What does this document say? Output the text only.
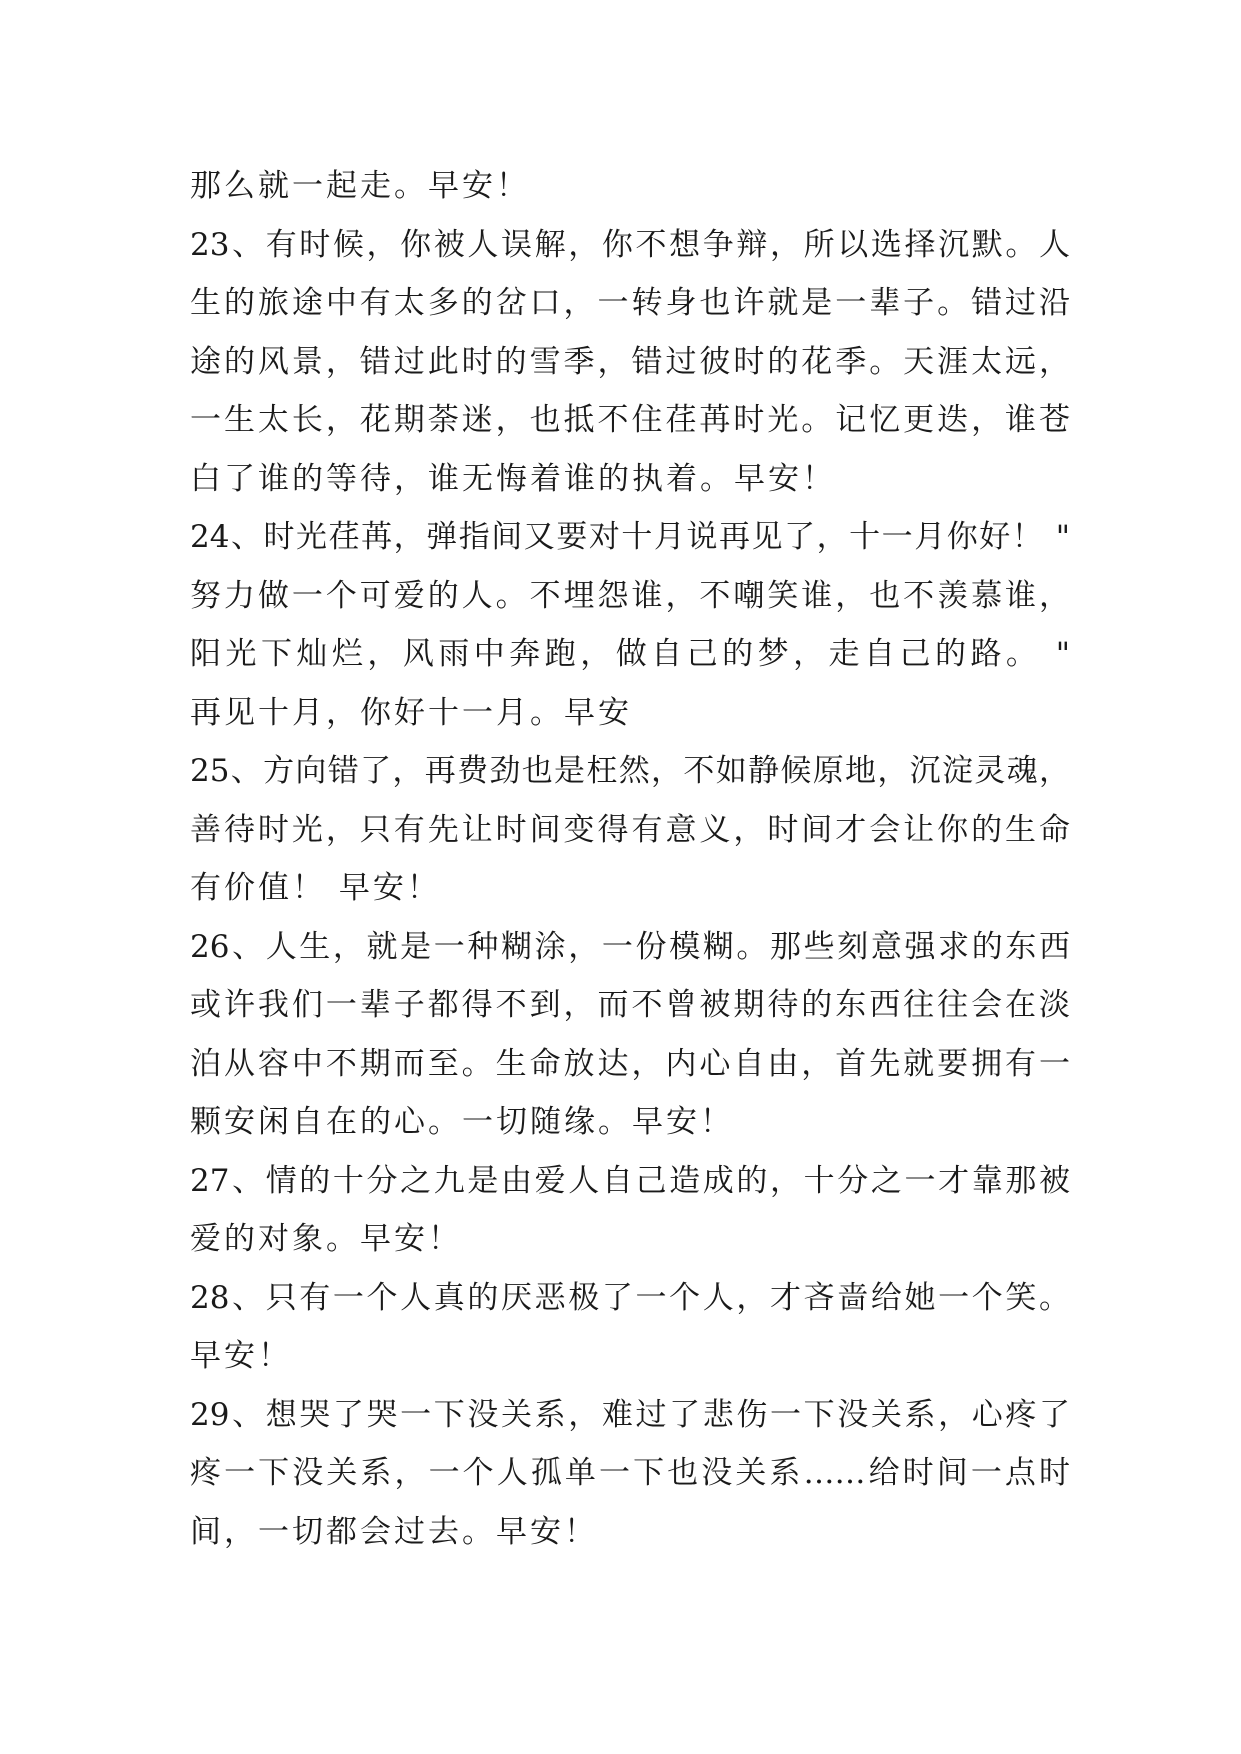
那么就一起走。早安！
23、有时候，你被人误解，你不想争辩，所以选择沉默。人
生的旅途中有太多的岔口，一转身也许就是一辈子。错过沿
途的风景，错过此时的雪季，错过彼时的花季。天涯太远，
一生太长，花期荼迷，也抵不住荏苒时光。记忆更迭，谁苍
白了谁的等待，谁无悔着谁的执着。早安！
24、时光荏苒，弹指间又要对十月说再见了，十一月你好！ "
努力做一个可爱的人。不埋怨谁，不嘲笑谁，也不羡慕谁，
阳光下灿烂，风雨中奔跑，做自己的梦，走自己的路。 "
再见十月，你好十一月。早安
25、方向错了，再费劲也是枉然，不如静候原地，沉淀灵魂，
善待时光，只有先让时间变得有意义，时间才会让你的生命
有价值！ 早安！
26、人生，就是一种糊涂，一份模糊。那些刻意强求的东西
或许我们一辈子都得不到，而不曾被期待的东西往往会在淡
泊从容中不期而至。生命放达，内心自由，首先就要拥有一
颗安闲自在的心。一切随缘。早安！
27、情的十分之九是由爱人自己造成的，十分之一才靠那被
爱的对象。早安！
28、只有一个人真的厌恶极了一个人，才吝啬给她一个笑。
早安！
29、想哭了哭一下没关系，难过了悲伤一下没关系，心疼了
疼一下没关系，一个人孤单一下也没关系……给时间一点时
间，一切都会过去。早安！
